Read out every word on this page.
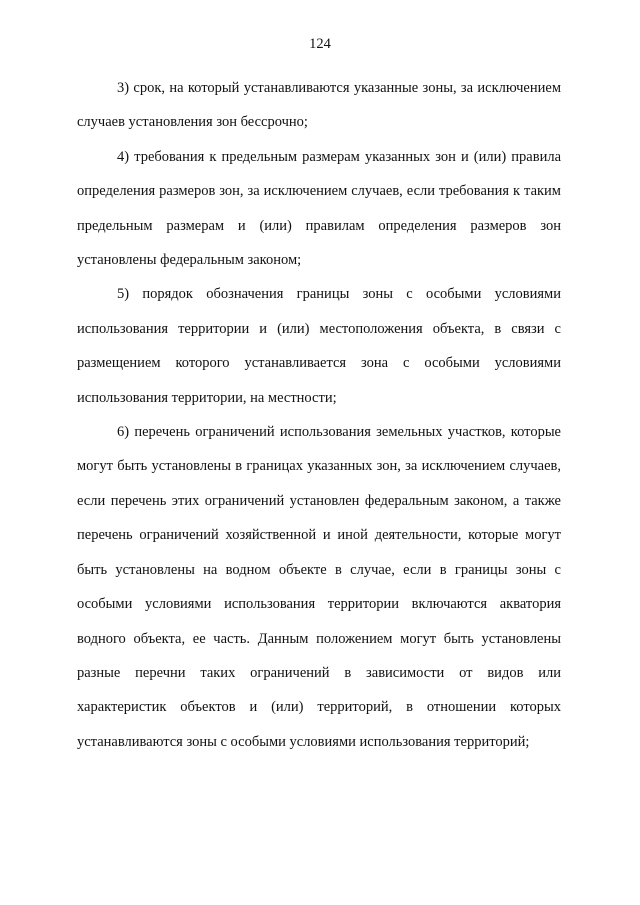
124

3) срок, на который устанавливаются указанные зоны, за исключением случаев установления зон бессрочно;

4) требования к предельным размерам указанных зон и (или) правила определения размеров зон, за исключением случаев, если требования к таким предельным размерам и (или) правилам определения размеров зон установлены федеральным законом;

5) порядок обозначения границы зоны с особыми условиями использования территории и (или) местоположения объекта, в связи с размещением которого устанавливается зона с особыми условиями использования территории, на местности;

6) перечень ограничений использования земельных участков, которые могут быть установлены в границах указанных зон, за исключением случаев, если перечень этих ограничений установлен федеральным законом, а также перечень ограничений хозяйственной и иной деятельности, которые могут быть установлены на водном объекте в случае, если в границы зоны с особыми условиями использования территории включаются акватория водного объекта, ее часть. Данным положением могут быть установлены разные перечни таких ограничений в зависимости от видов или характеристик объектов и (или) территорий, в отношении которых устанавливаются зоны с особыми условиями использования территорий;
